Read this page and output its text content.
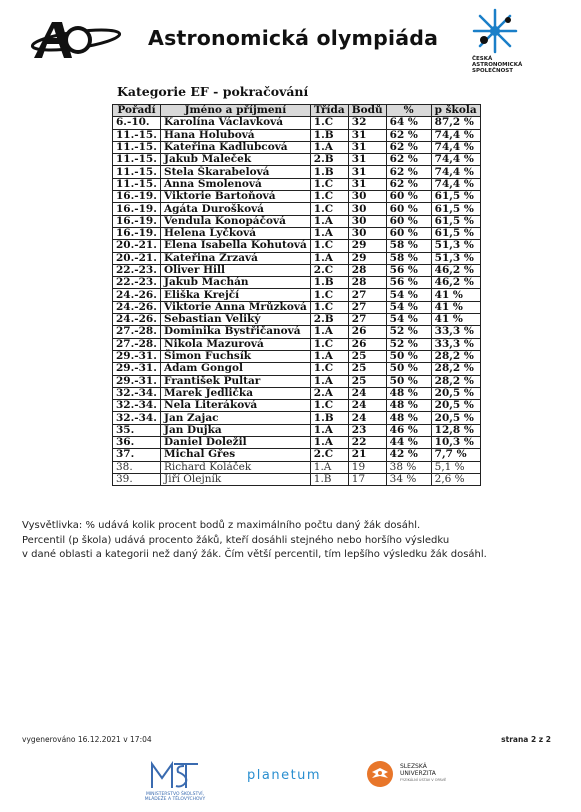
Astronomická olympiáda
ČESKÁ
ASTRONOMICKÁ
SPOLEČNOST
Kategorie EF - pokračování
Pořadí	Jméno a příjmení	Třída	Bodů	%	p škola
6.-10.	Karolína Václavková	1.C	32	64 %	87,2 %
11.-15.	Hana Holubová	1.B	31	62 %	74,4 %
11.-15.	Kateřina Kadlubcová	1.A	31	62 %	74,4 %
11.-15.	Jakub Maleček	2.B	31	62 %	74,4 %
11.-15.	Stela Škarabelová	1.B	31	62 %	74,4 %
11.-15.	Anna Smolenová	1.C	31	62 %	74,4 %
16.-19.	Viktorie Bartoňová	1.C	30	60 %	61,5 %
16.-19.	Agáta Durošková	1.C	30	60 %	61,5 %
16.-19.	Vendula Konopáčová	1.A	30	60 %	61,5 %
16.-19.	Helena Lyčková	1.A	30	60 %	61,5 %
20.-21.	Elena Isabella Kohutová	1.C	29	58 %	51,3 %
20.-21.	Kateřina Zrzavá	1.A	29	58 %	51,3 %
22.-23.	Oliver Hill	2.C	28	56 %	46,2 %
22.-23.	Jakub Machán	1.B	28	56 %	46,2 %
24.-26.	Eliška Krejčí	1.C	27	54 %	41 %
24.-26.	Viktorie Anna Mrůzková	1.C	27	54 %	41 %
24.-26.	Sebastian Veliký	2.B	27	54 %	41 %
27.-28.	Dominika Bystřičanová	1.A	26	52 %	33,3 %
27.-28.	Nikola Mazurová	1.C	26	52 %	33,3 %
29.-31.	Šimon Fuchsík	1.A	25	50 %	28,2 %
29.-31.	Adam Gongol	1.C	25	50 %	28,2 %
29.-31.	František Pultar	1.A	25	50 %	28,2 %
32.-34.	Marek Jedlička	2.A	24	48 %	20,5 %
32.-34.	Nela Literáková	1.C	24	48 %	20,5 %
32.-34.	Jan Zajac	1.B	24	48 %	20,5 %
35.	Jan Dujka	1.A	23	46 %	12,8 %
36.	Daniel Doležil	1.A	22	44 %	10,3 %
37.	Michal Gřes	2.C	21	42 %	7,7 %
38.	Richard Koláček	1.A	19	38 %	5,1 %
39.	Jiří Olejník	1.B	17	34 %	2,6 %
Vysvětlivka: % udává kolik procent bodů z maximálního počtu daný žák dosáhl.
Percentil (p škola) udává procento žáků, kteří dosáhli stejného nebo horšího výsledku
v dané oblasti a kategorii než daný žák. Čím větší percentil, tím lepšího výsledku žák dosáhl.
vygenerováno 16.12.2021 v 17:04	strana 2 z 2
MINISTERSTVO ŠKOLSTVÍ,
MLÁDEŽE A TĚLOVÝCHOVY
planetum
SLEZSKÁ
UNIVERZITA
FYZIKÁLNÍ ÚSTAV V OPAVĚ
